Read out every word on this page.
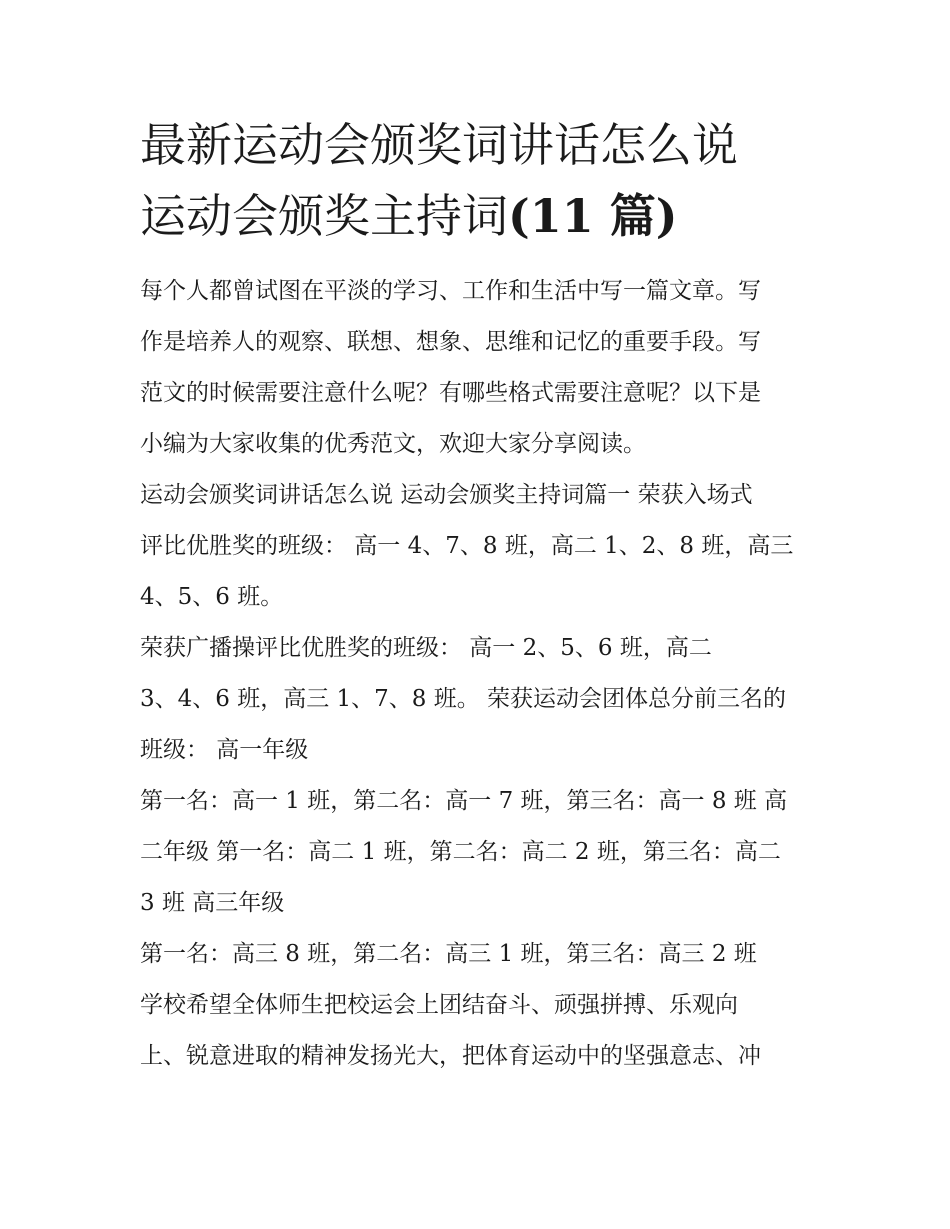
最新运动会颁奖词讲话怎么说
运动会颁奖主持词(11 篇)

每个人都曾试图在平淡的学习、工作和生活中写一篇文章。写

作是培养人的观察、联想、想象、思维和记忆的重要手段。写

范文的时候需要注意什么呢？有哪些格式需要注意呢？以下是

小编为大家收集的优秀范文，欢迎大家分享阅读。

运动会颁奖词讲话怎么说 运动会颁奖主持词篇一 荣获入场式

评比优胜奖的班级： 高一 4、7、8 班，高二 1、2、8 班，高三

4、5、6 班。

荣获广播操评比优胜奖的班级： 高一 2、5、6 班，高二

3、4、6 班，高三 1、7、8 班。 荣获运动会团体总分前三名的

班级： 高一年级

第一名：高一 1 班，第二名：高一 7 班，第三名：高一 8 班 高

二年级 第一名：高二 1 班，第二名：高二 2 班，第三名：高二

3 班 高三年级

第一名：高三 8 班，第二名：高三 1 班，第三名：高三 2 班

学校希望全体师生把校运会上团结奋斗、顽强拼搏、乐观向

上、锐意进取的精神发扬光大，把体育运动中的坚强意志、冲
